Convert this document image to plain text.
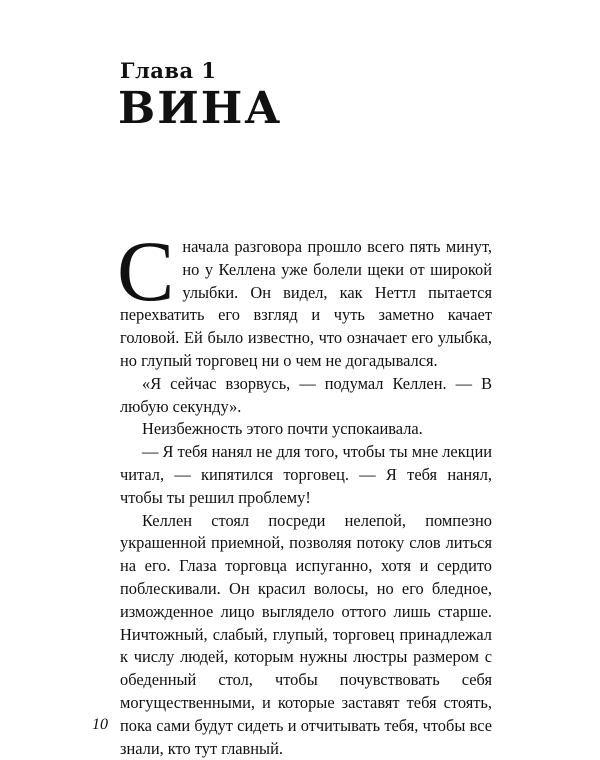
Глава 1
ВИНА

Сначала разговора прошло всего пять минут, но у Келлена уже болели щеки от широкой улыбки. Он видел, как Неттл пытается перехватить его взгляд и чуть заметно качает головой. Ей было известно, что означает его улыбка, но глупый торговец ни о чем не догадывался.

«Я сейчас взорвусь, — подумал Келлен. — В любую секунду».

Неизбежность этого почти успокаивала.

— Я тебя нанял не для того, чтобы ты мне лекции читал, — кипятился торговец. — Я тебя нанял, чтобы ты решил проблему!

Келлен стоял посреди нелепой, помпезно украшенной приемной, позволяя потоку слов литься на его. Глаза торговца испуганно, хотя и сердито поблескивали. Он красил волосы, но его бледное, изможденное лицо выглядело оттого лишь старше. Ничтожный, слабый, глупый, торговец принадлежал к числу людей, которым нужны люстры размером с обеденный стол, чтобы почувствовать себя могущественными, и которые заставят тебя стоять, пока сами будут сидеть и отчитывать тебя, чтобы все знали, кто тут главный.

10
